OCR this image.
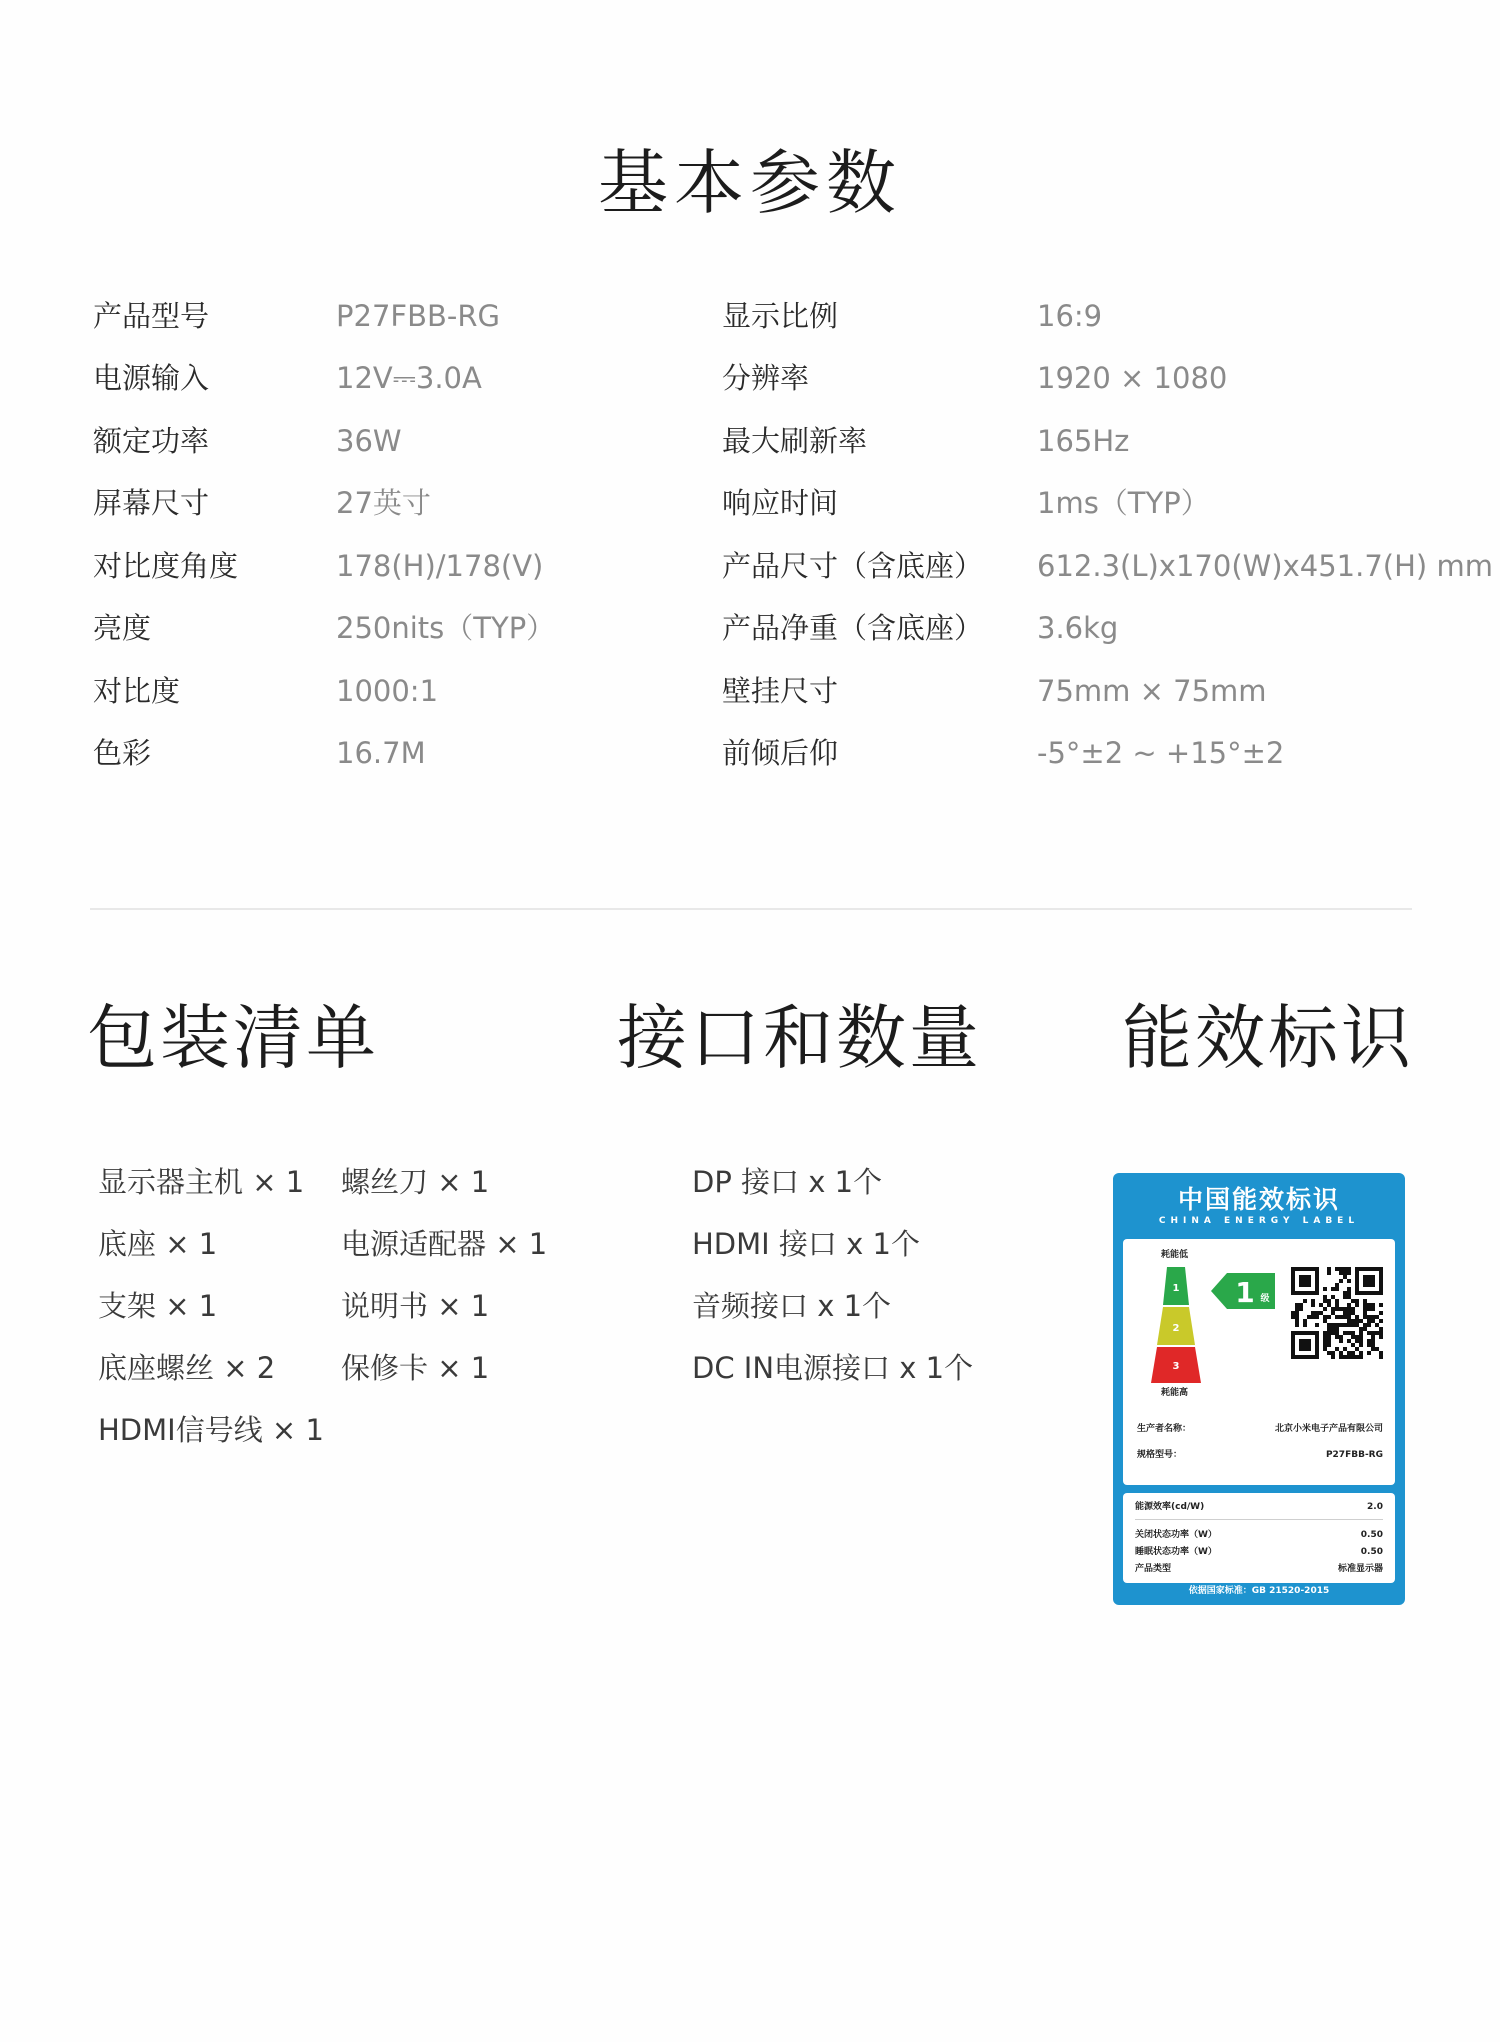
基本参数
产品型号	P27FBB-RG
电源输入	12V⎓3.0A
额定功率	36W
屏幕尺寸	27英寸
对比度角度	178(H)/178(V)
亮度	250nits（TYP）
对比度	1000:1
色彩	16.7M
显示比例	16:9
分辨率	1920 × 1080
最大刷新率	165Hz
响应时间	1ms（TYP）
产品尺寸（含底座） 612.3(L)x170(W)x451.7(H) mm
产品净重（含底座） 3.6kg
壁挂尺寸	75mm × 75mm
前倾后仰	-5°±2 ~ +15°±2
包装清单	接口和数量 能效标识
显示器主机 × 1
底座 × 1
支架 × 1
底座螺丝 × 2
HDMI信号线 × 1
螺丝刀 × 1
电源适配器 × 1
说明书 × 1
保修卡 × 1
DP 接口 x 1个
HDMI 接口 x 1个
音频接口 x 1个
DC IN电源接口 x 1个
中国能效标识
CHINA ENERGY LABEL
耗能低
1
2
3
耗能高
1 级
生产者名称：	北京小米电子产品有限公司
规格型号：	P27FBB-RG
能源效率(cd/W)	2.0
关闭状态功率（W）	0.50
睡眠状态功率（W）	0.50
产品类型	标准显示器
依据国家标准：GB 21520-2015
